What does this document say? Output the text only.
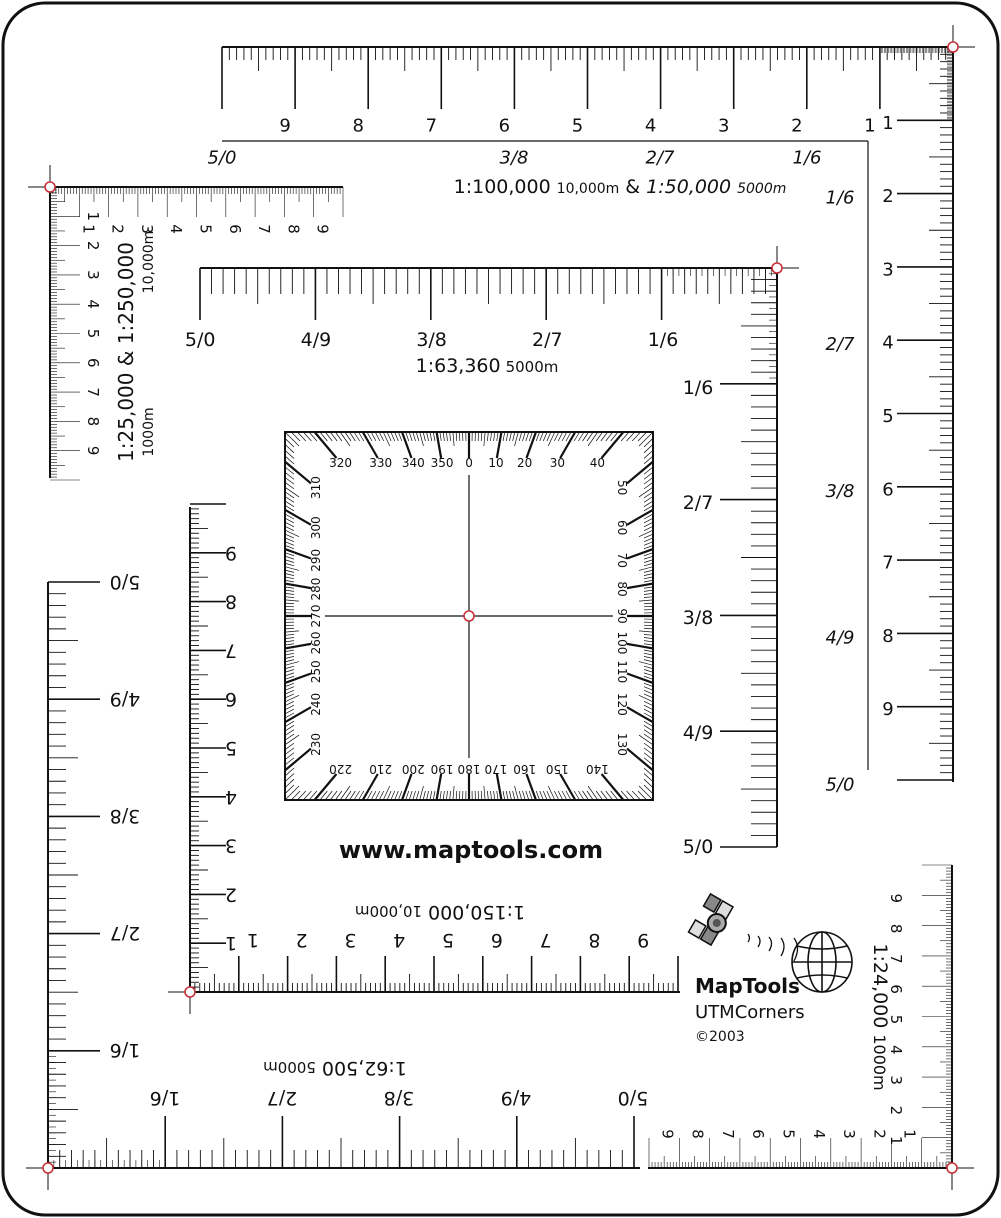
1
2
3
4
5
6
7
8
9
1/6
2/7
3/8
5/0
1
2
3
4
5
6
7
8
9
1/6
2/7
3/8
4/9
5/0
1
1
2
2
3
3
4
4
5
5
6
6
7
7
8
8
9
9
1/6
1/6
2/7
2/7
3/8
3/8
4/9
4/9
5/0
5/0
0 10 20 30 40
50
60
70
80
90
100
110
120
130
140
150
160
170
180
190
200
210
220
230
240
250
260
270
280
290
300
310
320 330 340 350
1 1
2
2
3
3
4
4
5
5
6
6
7
7
8
8
9
9
1/6
1/6
2/7
2/7
3/8
3/8
4/9
4/9
5/0
5/0
1
1
2
2
3
3
4
4
5
5
6
6
7
7
8
8
9
9
1:100,000 10,000m & 1:50,000 5000m
1:25,000 & 1:250,000 1000m
10,000m
1:63,360 5000m
1:150,00010,000m
1:62,5005000m
1:24,0001000m
www.maptools.com
MapTools
UTMCorners
©2003
